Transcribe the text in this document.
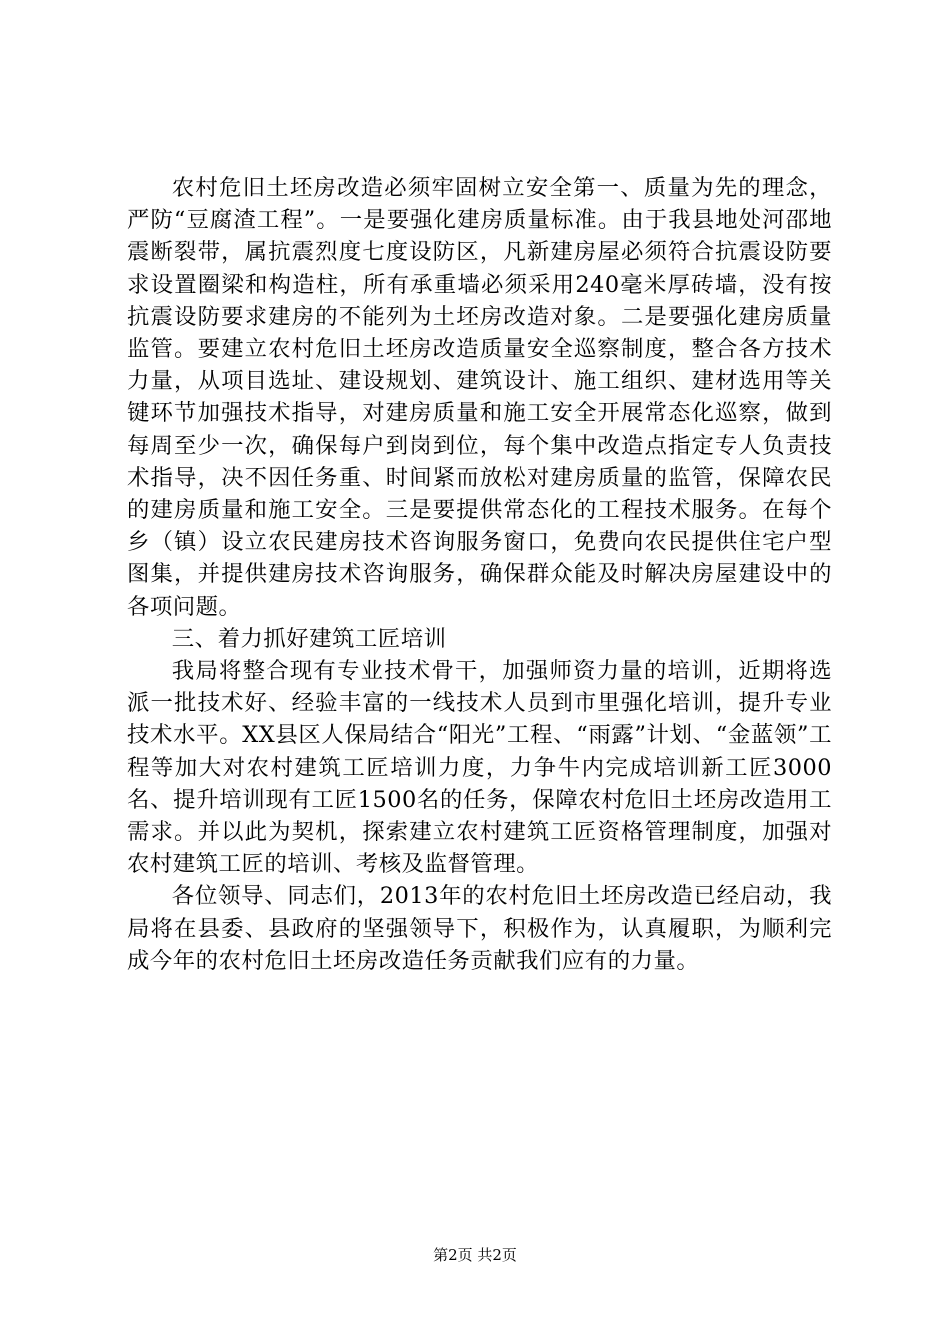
农村危旧土坯房改造必须牢固树立安全第一、质量为先的理念，严防“豆腐渣工程”。一是要强化建房质量标准。由于我县地处河邵地震断裂带，属抗震烈度七度设防区，凡新建房屋必须符合抗震设防要求设置圈梁和构造柱，所有承重墙必须采用240毫米厚砖墙，没有按抗震设防要求建房的不能列为土坯房改造对象。二是要强化建房质量监管。要建立农村危旧土坯房改造质量安全巡察制度，整合各方技术力量，从项目选址、建设规划、建筑设计、施工组织、建材选用等关键环节加强技术指导，对建房质量和施工安全开展常态化巡察，做到每周至少一次，确保每户到岗到位，每个集中改造点指定专人负责技术指导，决不因任务重、时间紧而放松对建房质量的监管，保障农民的建房质量和施工安全。三是要提供常态化的工程技术服务。在每个乡（镇）设立农民建房技术咨询服务窗口，免费向农民提供住宅户型图集，并提供建房技术咨询服务，确保群众能及时解决房屋建设中的各项问题。

三、着力抓好建筑工匠培训

我局将整合现有专业技术骨干，加强师资力量的培训，近期将选派一批技术好、经验丰富的一线技术人员到市里强化培训，提升专业技术水平。XX县区人保局结合“阳光”工程、“雨露”计划、“金蓝领”工程等加大对农村建筑工匠培训力度，力争牛内完成培训新工匠3000名、提升培训现有工匠1500名的任务，保障农村危旧土坯房改造用工需求。并以此为契机，探索建立农村建筑工匠资格管理制度，加强对农村建筑工匠的培训、考核及监督管理。

各位领导、同志们，2013年的农村危旧土坯房改造已经启动，我局将在县委、县政府的坚强领导下，积极作为，认真履职，为顺利完成今年的农村危旧土坯房改造任务贡献我们应有的力量。

第2页 共2页
